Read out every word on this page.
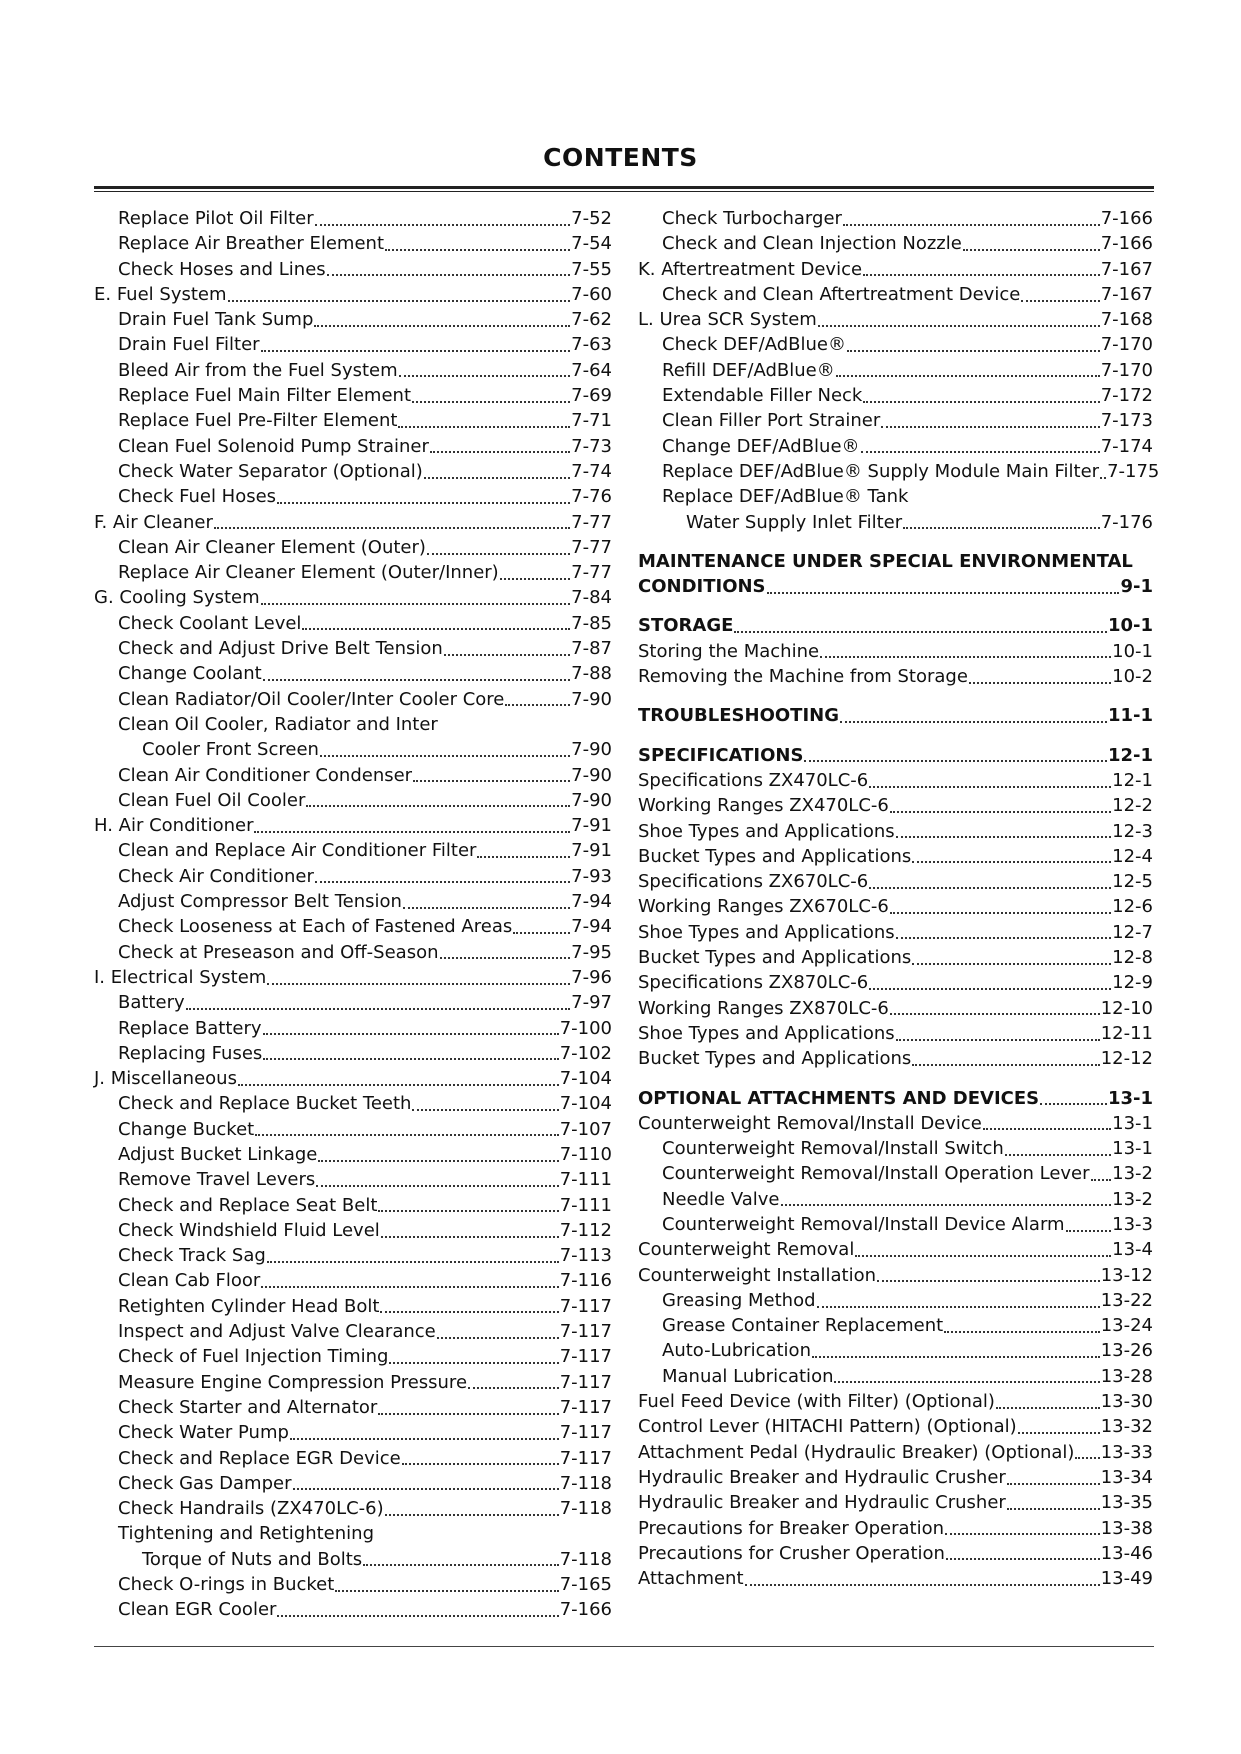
CONTENTS
Replace Pilot Oil Filter	7-52
Replace Air Breather Element	7-54
Check Hoses and Lines	7-55
E. Fuel System	7-60
Drain Fuel Tank Sump	7-62
Drain Fuel Filter	7-63
Bleed Air from the Fuel System	7-64
Replace Fuel Main Filter Element	7-69
Replace Fuel Pre-Filter Element	7-71
Clean Fuel Solenoid Pump Strainer	7-73
Check Water Separator (Optional)	7-74
Check Fuel Hoses	7-76
F. Air Cleaner	7-77
Clean Air Cleaner Element (Outer)	7-77
Replace Air Cleaner Element (Outer/Inner)	7-77
G. Cooling System	7-84
Check Coolant Level	7-85
Check and Adjust Drive Belt Tension	7-87
Change Coolant	7-88
Clean Radiator/Oil Cooler/Inter Cooler Core	7-90
Clean Oil Cooler, Radiator and Inter
Cooler Front Screen	7-90
Clean Air Conditioner Condenser	7-90
Clean Fuel Oil Cooler	7-90
H. Air Conditioner	7-91
Clean and Replace Air Conditioner Filter	7-91
Check Air Conditioner	7-93
Adjust Compressor Belt Tension	7-94
Check Looseness at Each of Fastened Areas	7-94
Check at Preseason and Off-Season	7-95
I. Electrical System	7-96
Battery	7-97
Replace Battery	7-100
Replacing Fuses	7-102
J. Miscellaneous	7-104
Check and Replace Bucket Teeth	7-104
Change Bucket	7-107
Adjust Bucket Linkage	7-110
Remove Travel Levers	7-111
Check and Replace Seat Belt	7-111
Check Windshield Fluid Level	7-112
Check Track Sag	7-113
Clean Cab Floor	7-116
Retighten Cylinder Head Bolt	7-117
Inspect and Adjust Valve Clearance	7-117
Check of Fuel Injection Timing	7-117
Measure Engine Compression Pressure	7-117
Check Starter and Alternator	7-117
Check Water Pump	7-117
Check and Replace EGR Device	7-117
Check Gas Damper	7-118
Check Handrails (ZX470LC-6)	7-118
Tightening and Retightening
Torque of Nuts and Bolts	7-118
Check O-rings in Bucket	7-165
Clean EGR Cooler	7-166
Check Turbocharger	7-166
Check and Clean Injection Nozzle	7-166
K. Aftertreatment Device	7-167
Check and Clean Aftertreatment Device	7-167
L. Urea SCR System	7-168
Check DEF/AdBlue®	7-170
Refill DEF/AdBlue®	7-170
Extendable Filler Neck	7-172
Clean Filler Port Strainer	7-173
Change DEF/AdBlue®	7-174
Replace DEF/AdBlue® Supply Module Main Filter 7-175
Replace DEF/AdBlue® Tank
Water Supply Inlet Filter	7-176
MAINTENANCE UNDER SPECIAL ENVIRONMENTAL
CONDITIONS	9-1
STORAGE	10-1
Storing the Machine	10-1
Removing the Machine from Storage	10-2
TROUBLESHOOTING	11-1
SPECIFICATIONS	12-1
Specifications ZX470LC-6	12-1
Working Ranges ZX470LC-6	12-2
Shoe Types and Applications	12-3
Bucket Types and Applications	12-4
Specifications ZX670LC-6	12-5
Working Ranges ZX670LC-6	12-6
Shoe Types and Applications	12-7
Bucket Types and Applications	12-8
Specifications ZX870LC-6	12-9
Working Ranges ZX870LC-6	12-10
Shoe Types and Applications	12-11
Bucket Types and Applications	12-12
OPTIONAL ATTACHMENTS AND DEVICES	13-1
Counterweight Removal/Install Device	13-1
Counterweight Removal/Install Switch	13-1
Counterweight Removal/Install Operation Lever 13-2
Needle Valve	13-2
Counterweight Removal/Install Device Alarm	13-3
Counterweight Removal	13-4
Counterweight Installation	13-12
Greasing Method	13-22
Grease Container Replacement	13-24
Auto-Lubrication	13-26
Manual Lubrication	13-28
Fuel Feed Device (with Filter) (Optional)	13-30
Control Lever (HITACHI Pattern) (Optional)	13-32
Attachment Pedal (Hydraulic Breaker) (Optional) 13-33
Hydraulic Breaker and Hydraulic Crusher	13-34
Hydraulic Breaker and Hydraulic Crusher	13-35
Precautions for Breaker Operation	13-38
Precautions for Crusher Operation	13-46
Attachment	13-49
